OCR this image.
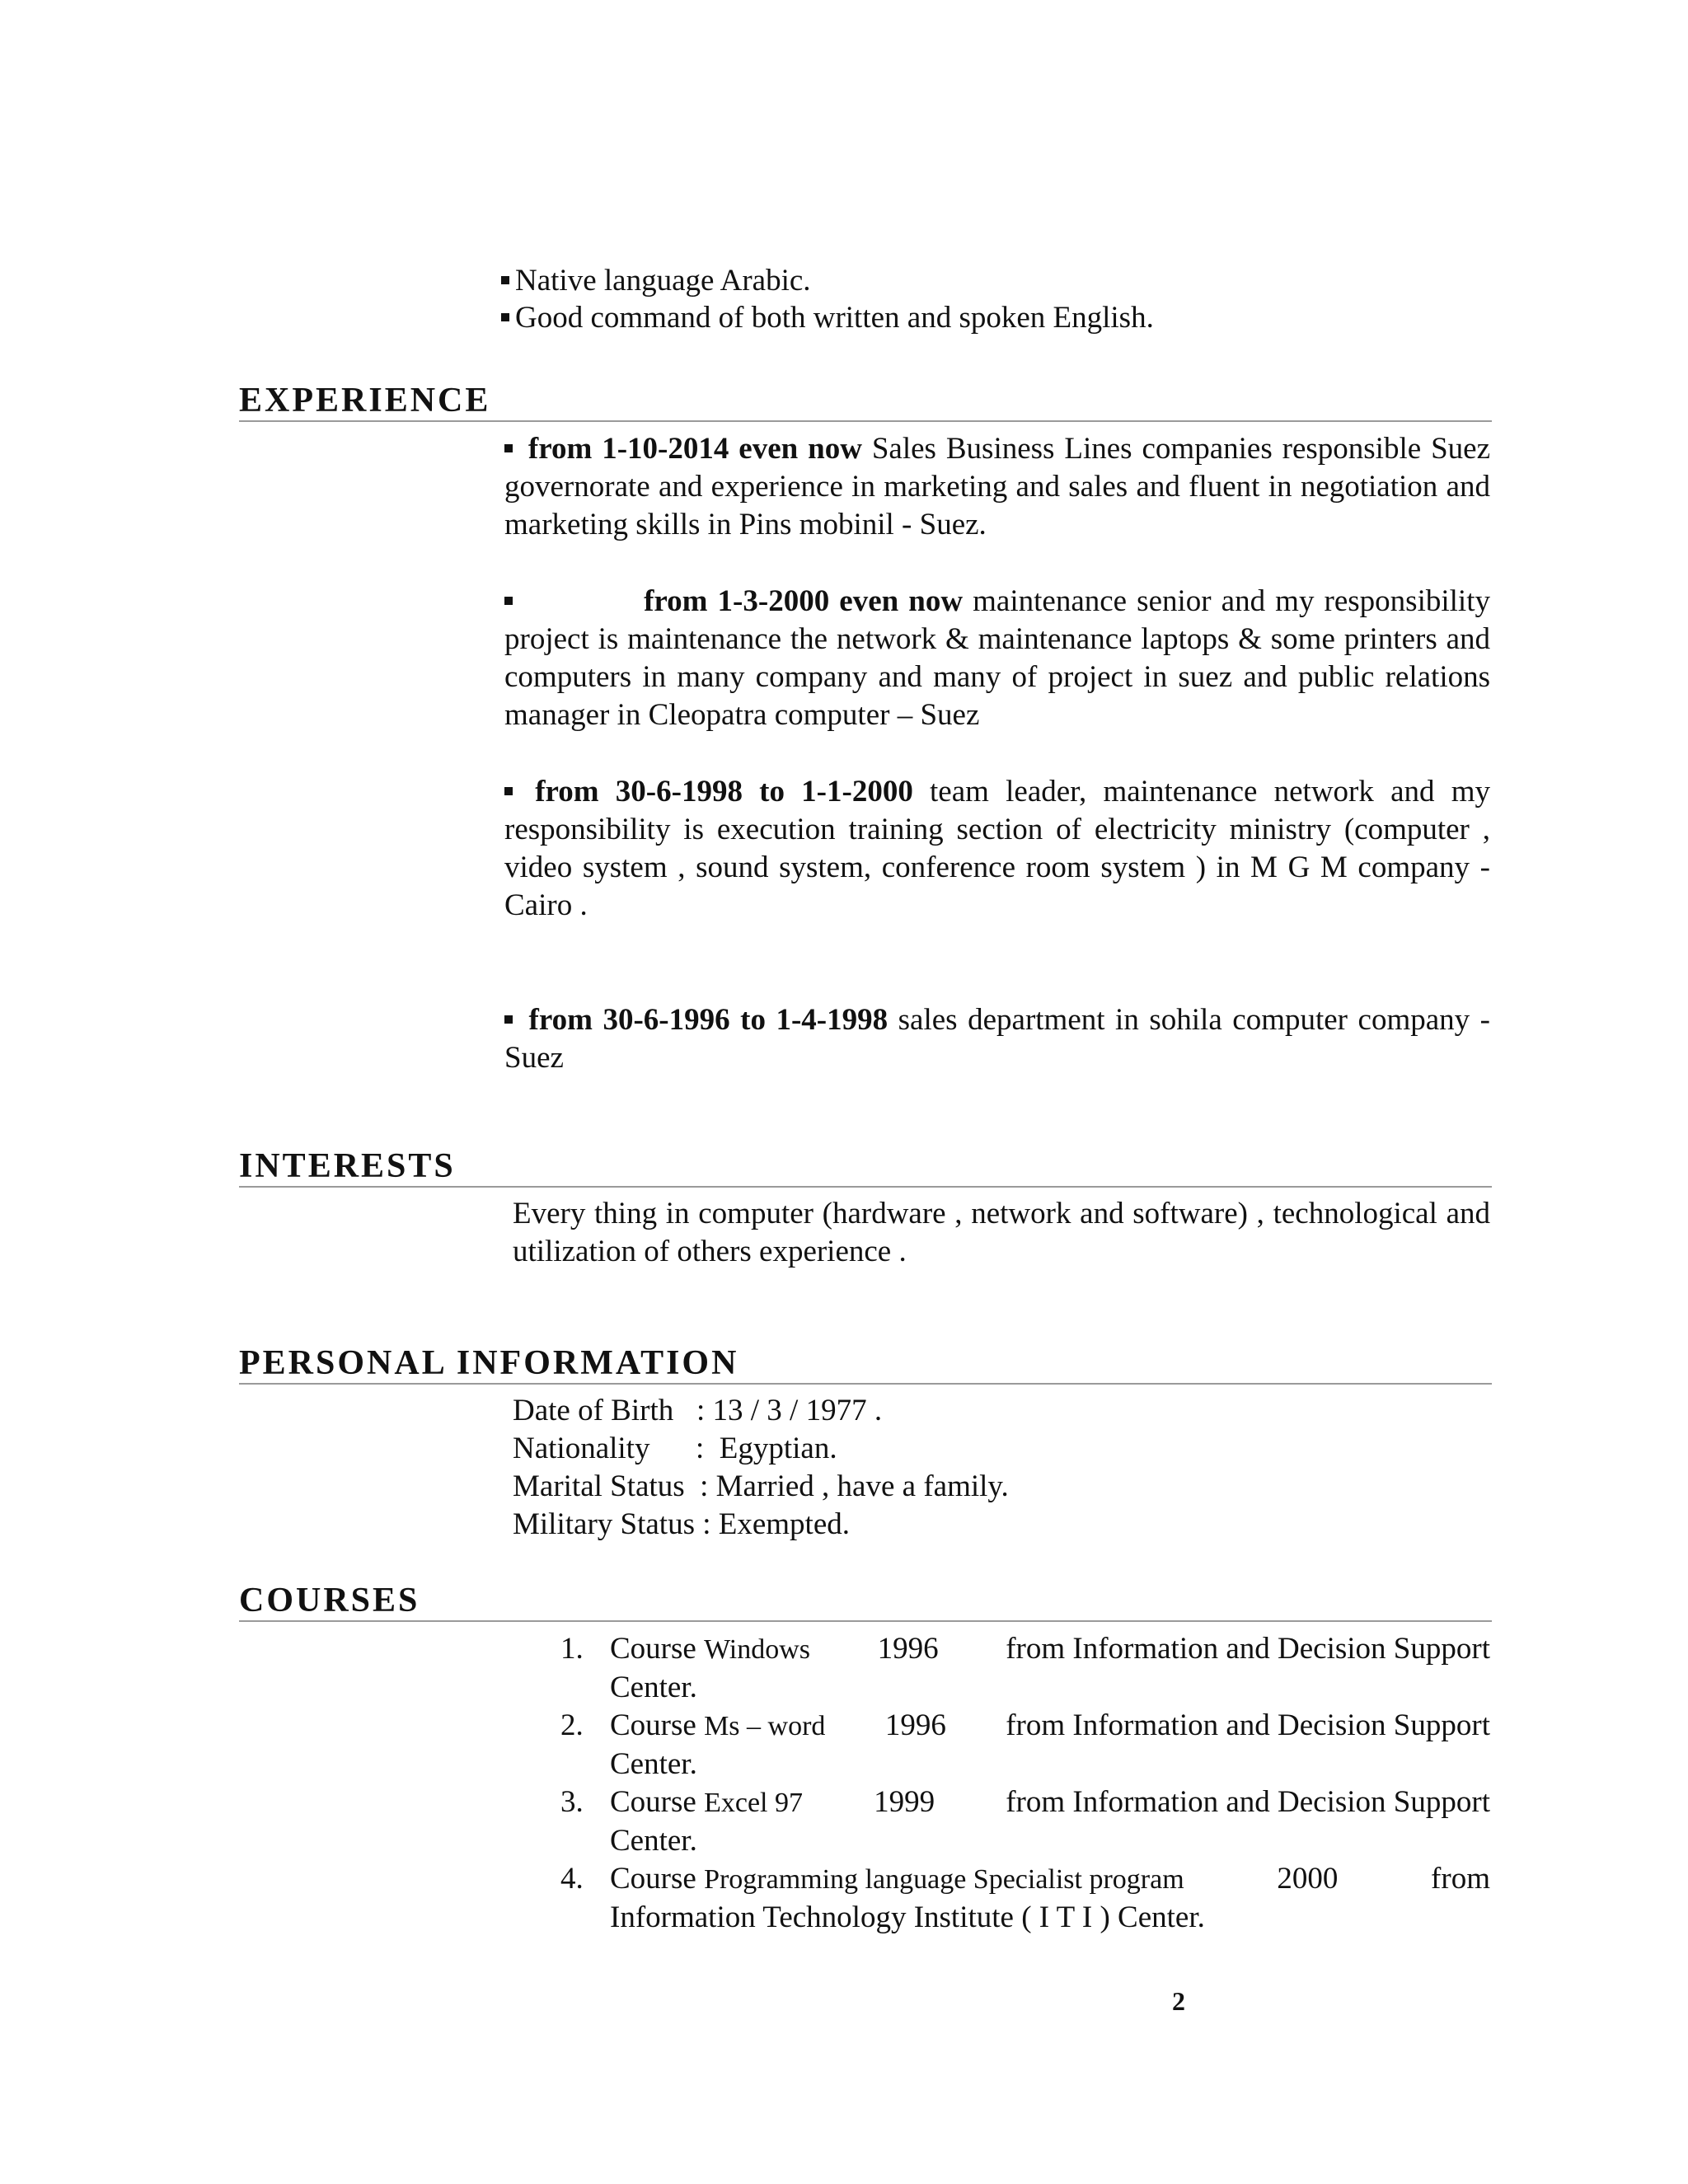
Native language Arabic.
Good command of both written and spoken English.
EXPERIENCE
from 1-10-2014 even now Sales Business Lines companies responsible Suez governorate and experience in marketing and sales and fluent in negotiation and marketing skills in Pins mobinil - Suez.
from 1-3-2000 even now maintenance senior and my responsibility project is maintenance the network & maintenance laptops & some printers and computers in many company and many of project in suez and public relations manager in Cleopatra computer – Suez
from 30-6-1998 to 1-1-2000 team leader, maintenance network and my responsibility is execution training section of electricity ministry (computer , video system , sound system, conference room system ) in M G M company - Cairo .
from 30-6-1996 to 1-4-1998 sales department in sohila computer company - Suez
INTERESTS
Every thing in computer (hardware , network and software) , technological and utilization of others experience .
PERSONAL INFORMATION
Date of Birth   : 13 / 3 / 1977 .
Nationality      :  Egyptian.
Marital Status  : Married , have a family.
Military Status : Exempted.
COURSES
1. Course Windows 1996 from Information and Decision Support
Center.
2. Course Ms – word 1996 from Information and Decision Support
Center.
3. Course Excel 97 1999 from Information and Decision Support
Center.
4. Course Programming language Specialist program	2000	from
Information Technology Institute ( I T I ) Center.
2
